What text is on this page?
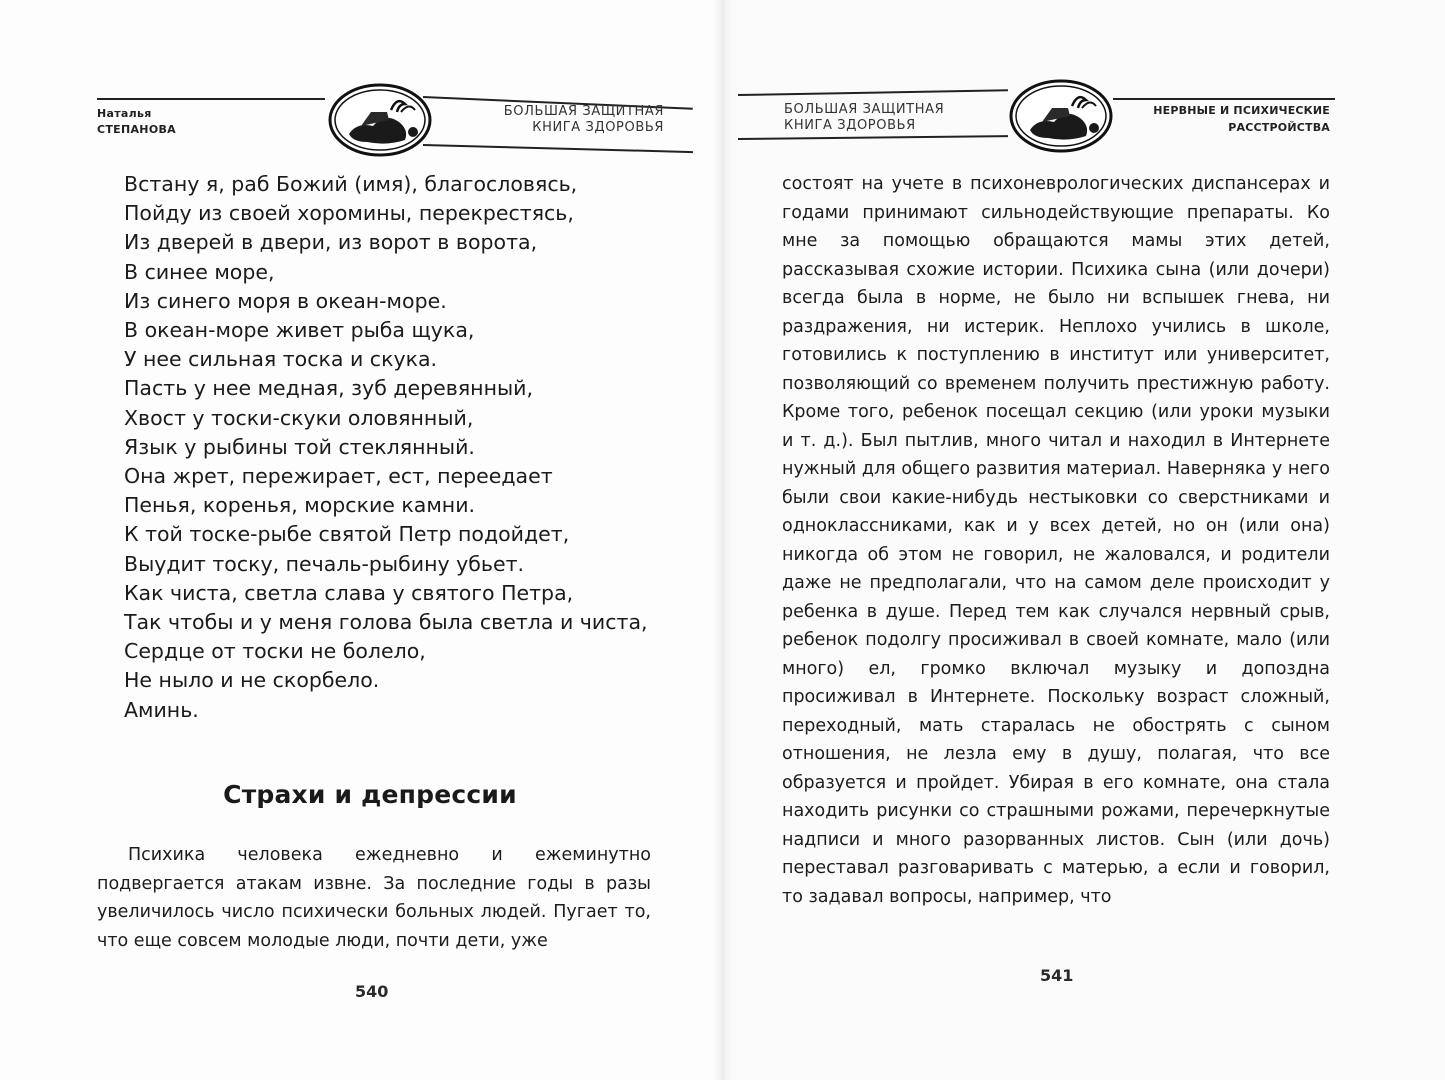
Наталья
СТЕПАНОВА
БОЛЬШАЯ ЗАЩИТНАЯ
КНИГА ЗДОРОВЬЯ
Встану я, раб Божий (имя), благословясь,
Пойду из своей хоромины, перекрестясь,
Из дверей в двери, из ворот в ворота,
В синее море,
Из синего моря в океан-море.
В океан-море живет рыба щука,
У нее сильная тоска и скука.
Пасть у нее медная, зуб деревянный,
Хвост у тоски-скуки оловянный,
Язык у рыбины той стеклянный.
Она жрет, пережирает, ест, переедает
Пенья, коренья, морские камни.
К той тоске-рыбе святой Петр подойдет,
Выудит тоску, печаль-рыбину убьет.
Как чиста, светла слава у святого Петра,
Так чтобы и у меня голова была светла и чиста,
Сердце от тоски не болело,
Не ныло и не скорбело.
Аминь.
Страхи и депрессии

Психика человека ежедневно и ежеминутно подвергается атакам извне. За последние годы в разы увеличилось число психически больных людей. Пугает то, что еще совсем молодые люди, почти дети, уже

540
БОЛЬШАЯ ЗАЩИТНАЯ
КНИГА ЗДОРОВЬЯ
НЕРВНЫЕ И ПСИХИЧЕСКИЕ
РАССТРОЙСТВА
541

состоят на учете в психоневрологических диспансерах и годами принимают сильнодействующие препараты. Ко мне за помощью обращаются мамы этих детей, рассказывая схожие истории. Психика сына (или дочери) всегда была в норме, не было ни вспышек гнева, ни раздражения, ни истерик. Неплохо учились в школе, готовились к поступлению в институт или университет, позволяющий со временем получить престижную работу. Кроме того, ребенок посещал секцию (или уроки музыки и т. д.). Был пытлив, много читал и находил в Интернете нужный для общего развития материал. Наверняка у него были свои какие-нибудь нестыковки со сверстниками и одноклассниками, как и у всех детей, но он (или она) никогда об этом не говорил, не жаловался, и родители даже не предполагали, что на самом деле происходит у ребенка в душе. Перед тем как случался нервный срыв, ребенок подолгу просиживал в своей комнате, мало (или много) ел, громко включал музыку и допоздна просиживал в Интернете. Поскольку возраст сложный, переходный, мать старалась не обострять с сыном отношения, не лезла ему в душу, полагая, что все образуется и пройдет. Убирая в его комнате, она стала находить рисунки со страшными рожами, перечеркнутые надписи и много разорванных листов. Сын (или дочь) переставал разговаривать с матерью, а если и говорил, то задавал вопросы, например, что
